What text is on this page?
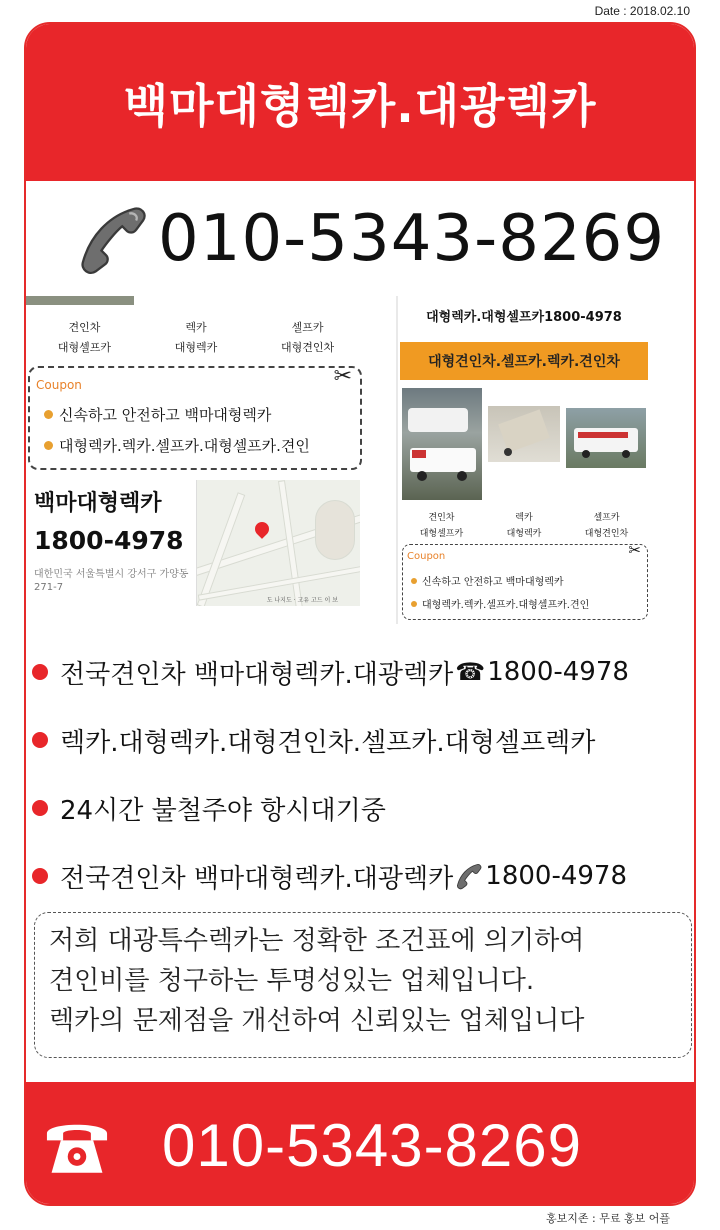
Date : 2018.02.10
백마대형렉카.대광렉카
010-5343-8269
견인차
대형셀프카
렉카
대형렉카
셀프카
대형견인차
Coupon	✂
신속하고 안전하고 백마대형렉카
대형렉카.렉카.셀프카.대형셀프카.견인
백마대형렉카
1800-4978
대한민국 서울특별시 강서구 가양동 271-7
도 나지도 · 고유 고드 이 보
대형렉카.대형셀프카1800-4978
대형견인차.셀프카.렉카.견인차
견인차
대형셀프카
렉카
대형렉카
셀프카
대형견인차
Coupon	✂
신속하고 안전하고 백마대형렉카
대형렉카.렉카.셀프카.대형셀프카.견인
전국견인차 백마대형렉카.대광렉카 ☎ 1800-4978
렉카.대형렉카.대형견인차.셀프카.대형셀프렉카
24시간 불철주야 항시대기중
전국견인차 백마대형렉카.대광렉카 1800-4978

저희 대광특수렉카는 정확한 조건표에 의기하여

견인비를 청구하는 투명성있는 업체입니다.

렉카의 문제점을 개선하여 신뢰있는 업체입니다

010-5343-8269
홍보지존 : 무료 홍보 어플
